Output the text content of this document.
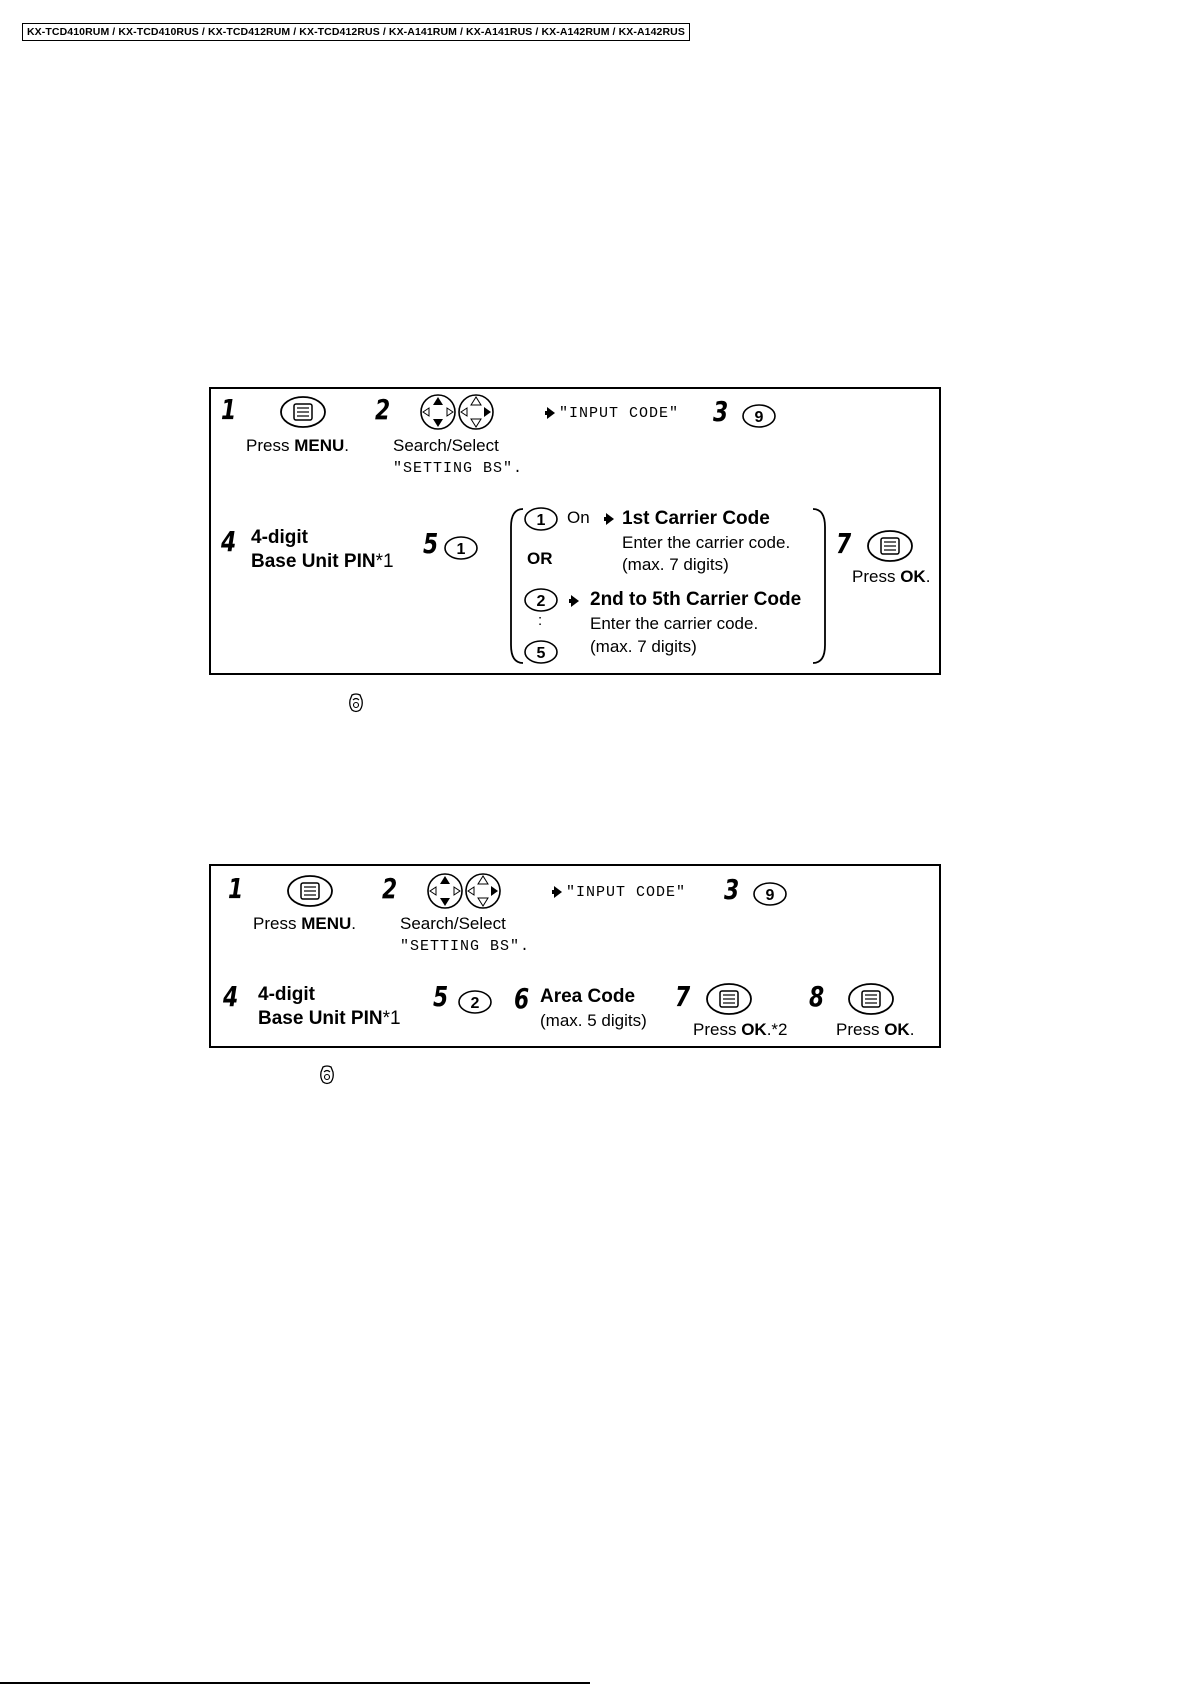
KX-TCD410RUM / KX-TCD410RUS / KX-TCD412RUM / KX-TCD412RUS / KX-A141RUM / KX-A141RUS / KX-A142RUM / KX-A142RUS
1
Press MENU.
2
Search/Select
"SETTING BS".
"INPUT CODE" 3 9
4 4-digit
Base Unit PIN*1
5 1
1 On 1st Carrier Code
Enter the carrier code.
(max. 7 digits)
OR
2
:
5
2nd to 5th Carrier Code
Enter the carrier code.
(max. 7 digits)
7
Press OK.
1
Press MENU.
2
Search/Select
"SETTING BS".
"INPUT CODE" 3 9
4 4-digit
Base Unit PIN*1
5 2 6 Area Code
(max. 5 digits)
7
Press OK.*2
8
Press OK.
